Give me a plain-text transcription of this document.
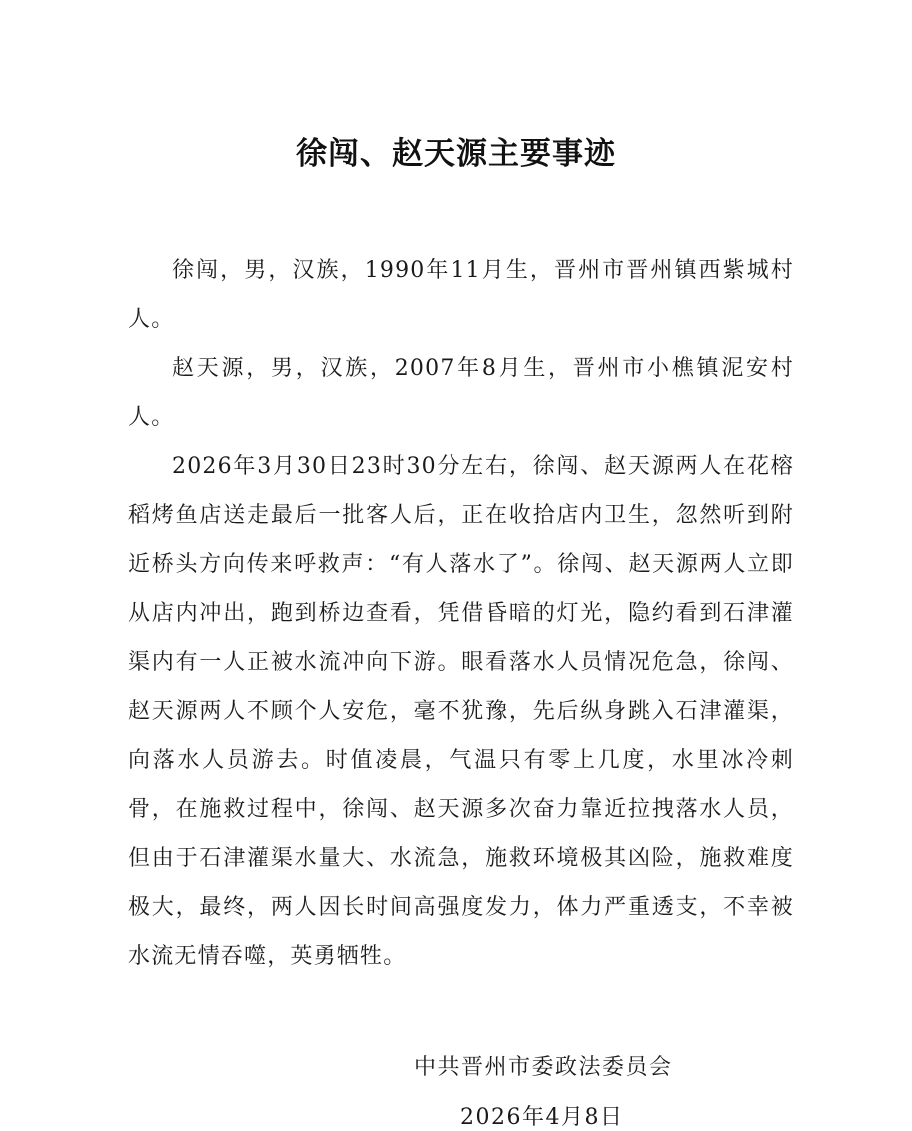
徐闯、赵天源主要事迹

徐闯，男，汉族，1990年11月生，晋州市晋州镇西紫城村人。

赵天源，男，汉族，2007年8月生，晋州市小樵镇泥安村人。

2026年3月30日23时30分左右，徐闯、赵天源两人在花榕稻烤鱼店送走最后一批客人后，正在收拾店内卫生，忽然听到附近桥头方向传来呼救声：“有人落水了”。徐闯、赵天源两人立即从店内冲出，跑到桥边查看，凭借昏暗的灯光，隐约看到石津灌渠内有一人正被水流冲向下游。眼看落水人员情况危急，徐闯、赵天源两人不顾个人安危，毫不犹豫，先后纵身跳入石津灌渠，向落水人员游去。时值凌晨，气温只有零上几度，水里冰冷刺骨，在施救过程中，徐闯、赵天源多次奋力靠近拉拽落水人员，但由于石津灌渠水量大、水流急，施救环境极其凶险，施救难度极大，最终，两人因长时间高强度发力，体力严重透支，不幸被水流无情吞噬，英勇牺牲。

中共晋州市委政法委员会
2026年4月8日
